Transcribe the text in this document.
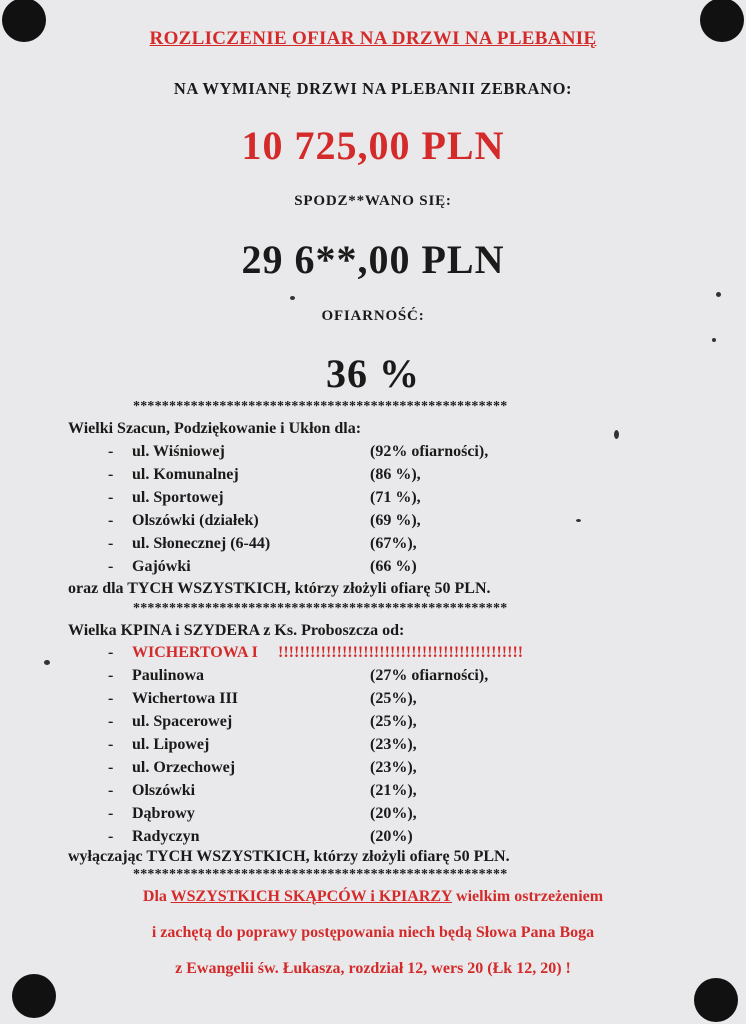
ROZLICZENIE OFIAR NA DRZWI NA PLEBANIĘ
NA WYMIANĘ DRZWI NA PLEBANII ZEBRANO:
10 725,00 PLN
SPODZ**WANO SIĘ:
29 6**,00 PLN
OFIARNOŚĆ:
36 %
****************************************************
Wielki Szacun, Podziękowanie i Ukłon dla:
- ul. Wiśniowej	(92% ofiarności),
- ul. Komunalnej	(86 %),
- ul. Sportowej	(71 %),
- Olszówki (działek)	(69 %),
- ul. Słonecznej (6-44)	(67%),
- Gajówki	(66 %)
oraz dla TYCH WSZYSTKICH, którzy złożyli ofiarę 50 PLN.
****************************************************
Wielka KPINA i SZYDERA z Ks. Proboszcza od:
- WICHERTOWA I !!!!!!!!!!!!!!!!!!!!!!!!!!!!!!!!!!!!!!!!!!!!!!
- Paulinowa	(27% ofiarności),
- Wichertowa III	(25%),
- ul. Spacerowej	(25%),
- ul. Lipowej	(23%),
- ul. Orzechowej	(23%),
- Olszówki	(21%),
- Dąbrowy	(20%),
- Radyczyn	(20%)
wyłączając TYCH WSZYSTKICH, którzy złożyli ofiarę 50 PLN.
****************************************************
Dla WSZYSTKICH SKĄPCÓW i KPIARZY wielkim ostrzeżeniem
i zachętą do poprawy postępowania niech będą Słowa Pana Boga
z Ewangelii św. Łukasza, rozdział 12, wers 20 (Łk 12, 20) !
